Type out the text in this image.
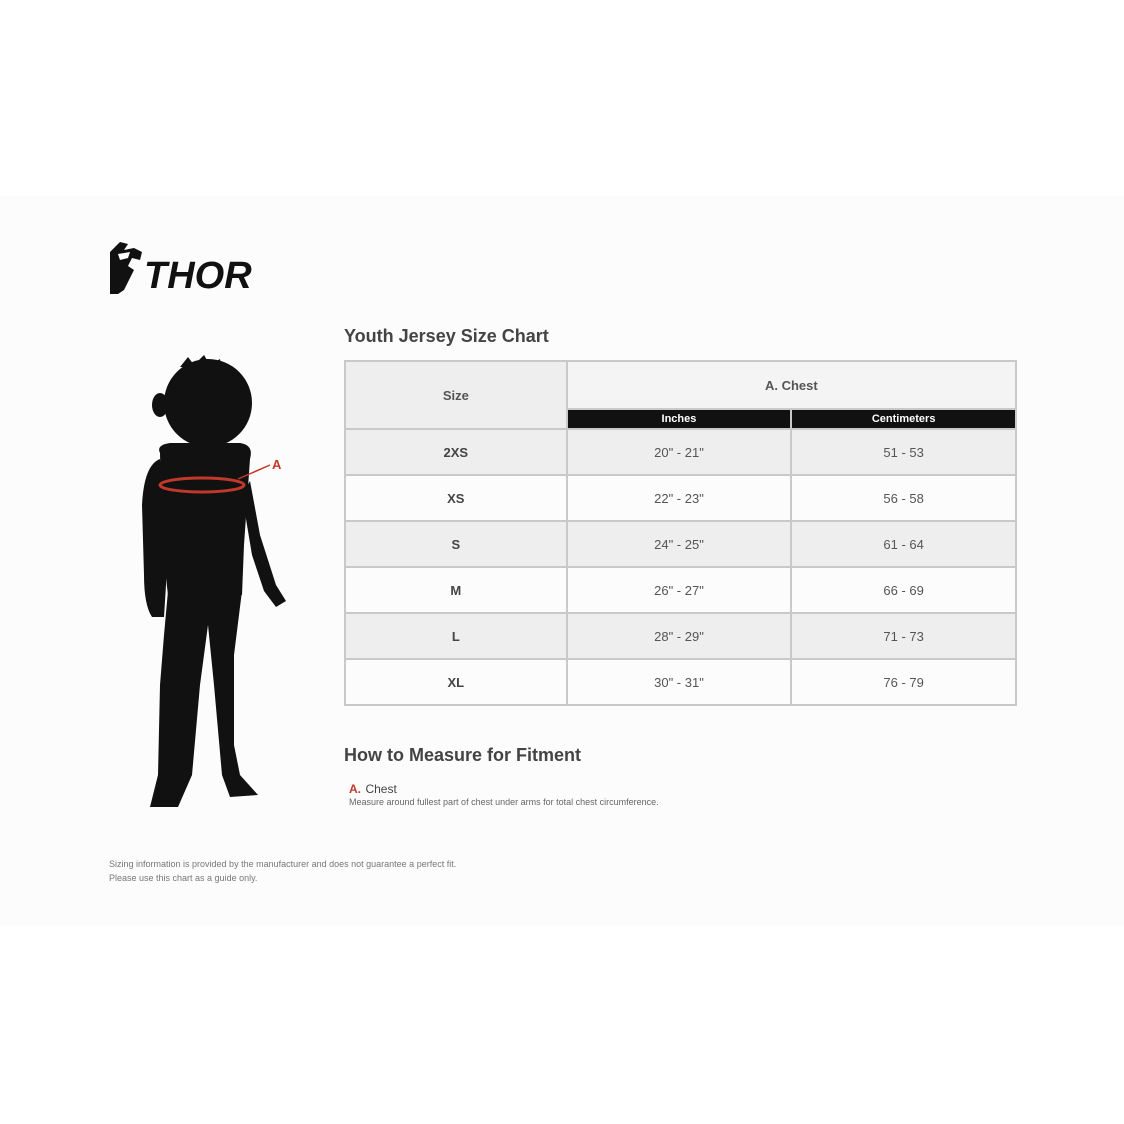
THOR
A
Youth Jersey Size Chart
Size	A. Chest	
	Inches	Centimeters
2XS	20" - 21"	51 - 53
XS	22" - 23"	56 - 58
S	24" - 25"	61 - 64
M	26" - 27"	66 - 69
L	28" - 29"	71 - 73
XL	30" - 31"	76 - 79
How to Measure for Fitment
A. Chest
Measure around fullest part of chest under arms for total chest circumference.
Sizing information is provided by the manufacturer and does not guarantee a perfect fit.
Please use this chart as a guide only.
